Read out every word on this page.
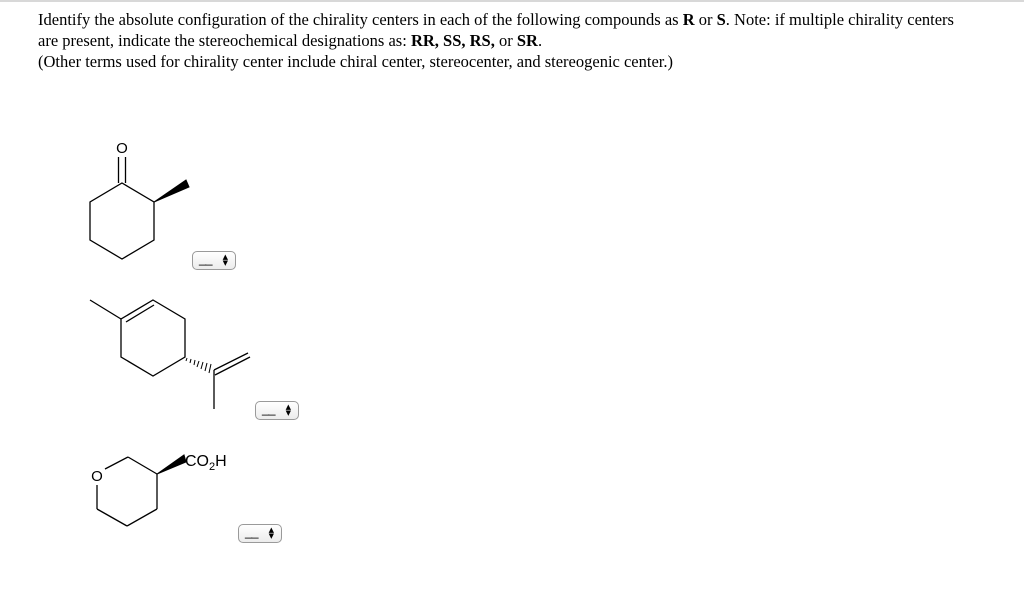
Identify the absolute configuration of the chirality centers in each of the following compounds as R or S. Note: if multiple chirality centers
are present, indicate the stereochemical designations as: RR, SS, RS, or SR.
(Other terms used for chirality center include chiral center, stereocenter, and stereogenic center.)

O
O
$CO_2H$
__ ▲
▼
__ ▲
▼
__ ▲
▼
